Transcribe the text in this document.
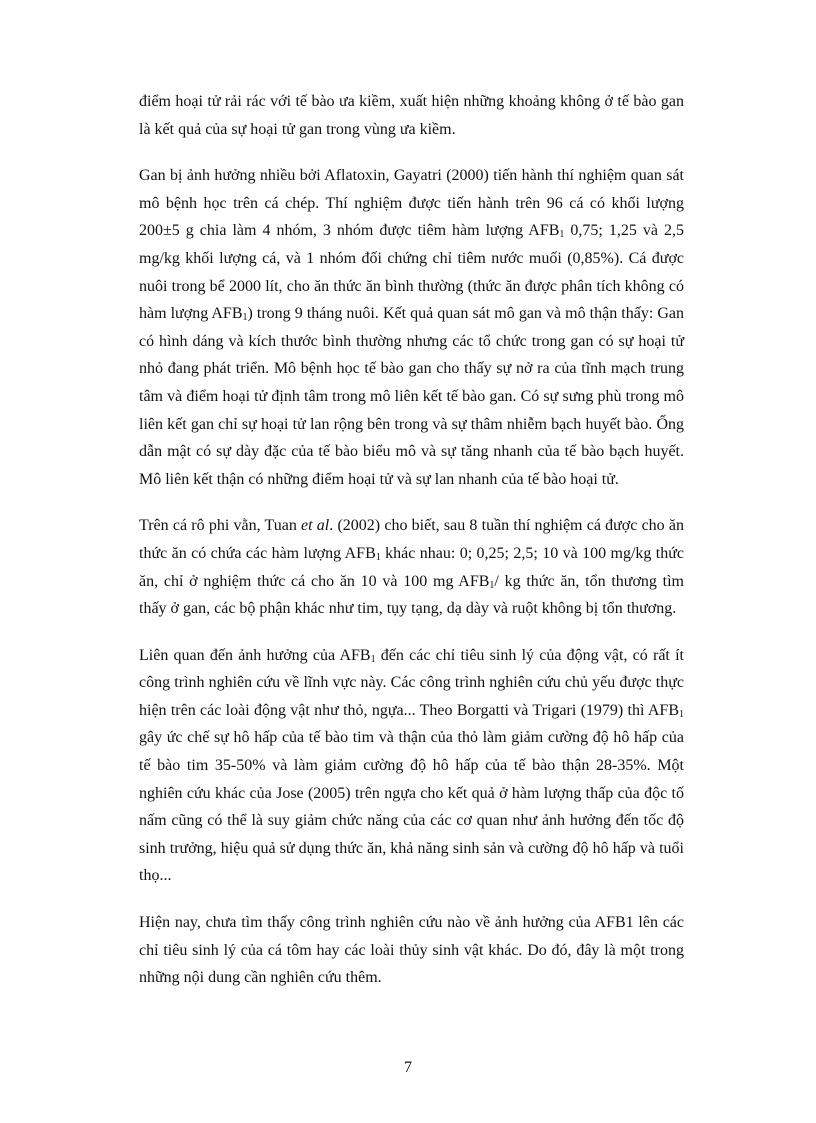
điểm hoại tử rải rác với tế bào ưa kiềm, xuất hiện những khoảng không ở tế bào gan là kết quả của sự hoại tử gan trong vùng ưa kiềm.

Gan bị ảnh hưởng nhiều bởi Aflatoxin, Gayatri (2000) tiến hành thí nghiệm quan sát mô bệnh học trên cá chép. Thí nghiệm được tiến hành trên 96 cá có khối lượng 200±5 g chia làm 4 nhóm, 3 nhóm được tiêm hàm lượng $AFB_1$ 0,75; 1,25 và 2,5 mg/kg khối lượng cá, và 1 nhóm đối chứng chỉ tiêm nước muối (0,85%). Cá được nuôi trong bể 2000 lít, cho ăn thức ăn bình thường (thức ăn được phân tích không có hàm lượng $AFB_1$) trong 9 tháng nuôi. Kết quả quan sát mô gan và mô thận thấy: Gan có hình dáng và kích thước bình thường nhưng các tổ chức trong gan có sự hoại tử nhỏ đang phát triển. Mô bệnh học tế bào gan cho thấy sự nở ra của tĩnh mạch trung tâm và điểm hoại tử định tâm trong mô liên kết tế bào gan. Có sự sưng phù trong mô liên kết gan chỉ sự hoại tử lan rộng bên trong và sự thâm nhiễm bạch huyết bào. Ống dẫn mật có sự dày đặc của tế bào biểu mô và sự tăng nhanh của tế bào bạch huyết. Mô liên kết thận có những điểm hoại tử và sự lan nhanh của tế bào hoại tử.

Trên cá rô phi vằn, Tuan et al. (2002) cho biết, sau 8 tuần thí nghiệm cá được cho ăn thức ăn có chứa các hàm lượng $AFB_1$ khác nhau: 0; 0,25; 2,5; 10 và 100 mg/kg thức ăn, chỉ ở nghiệm thức cá cho ăn 10 và 100 mg $AFB_1/$ kg thức ăn, tổn thương tìm thấy ở gan, các bộ phận khác như tim, tụy tạng, dạ dày và ruột không bị tổn thương.

Liên quan đến ảnh hưởng của $AFB_1$ đến các chỉ tiêu sinh lý của động vật, có rất ít công trình nghiên cứu về lĩnh vực này. Các công trình nghiên cứu chủ yếu được thực hiện trên các loài động vật như thỏ, ngựa... Theo Borgatti và Trigari (1979) thì $AFB_1$ gây ức chế sự hô hấp của tế bào tim và thận của thỏ làm giảm cường độ hô hấp của tế bào tim 35-50% và làm giảm cường độ hô hấp của tế bào thận 28-35%. Một nghiên cứu khác của Jose (2005) trên ngựa cho kết quả ở hàm lượng thấp của độc tố nấm cũng có thể là suy giảm chức năng của các cơ quan như ảnh hưởng đến tốc độ sinh trưởng, hiệu quả sử dụng thức ăn, khả năng sinh sản và cường độ hô hấp và tuổi thọ...

Hiện nay, chưa tìm thấy công trình nghiên cứu nào về ảnh hưởng của AFB1 lên các chỉ tiêu sinh lý của cá tôm hay các loài thủy sinh vật khác. Do đó, đây là một trong những nội dung cần nghiên cứu thêm.

7
